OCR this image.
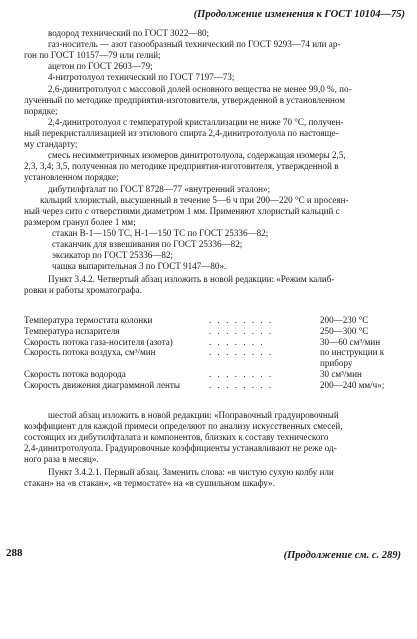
(Продолжение изменения к ГОСТ 10104—75)
водород технический по ГОСТ 3022—80;
газ-носитель — азот газообразный технический по ГОСТ 9293—74 или ар-
гон по ГОСТ 10157—79 или гелий;
ацетон по ГОСТ 2603—79;
4-нитротолуол технический по ГОСТ 7197—73;
2,6-динитротолуол с массовой долей основного вещества не менее 99,0 %, по-
лученный по методике предприятия-изготовителя, утвержденной в установленном
порядке;
2,4-динитротолуол с температурой кристаллизации не ниже 70 °С, получен-
ный перекристаллизацией из этилового спирта 2,4-динитротолуола по настояще-
му стандарту;
смесь несимметричных изомеров динитротолуола, содержащая изомеры 2,5,
2,3, 3,4; 3,5, полученная по методике предприятия-изготовителя, утвержденной в
установленном порядке;
дибутилфталат по ГОСТ 8728—77 «внутренний эталон»;
кальций хлористый, высушенный в течение 5—6 ч при 200—220 °С и просеян-
ный через сито с отверстиями диаметром 1 мм. Применяют хлористый кальций с
размером гранул более 1 мм;
стакан В-1—150 ТС, Н-1—150 ТС по ГОСТ 25336—82;
стаканчик для взвешивания по ГОСТ 25336—82;
эксикатор по ГОСТ 25336—82;
чашка выпарительная 3 по ГОСТ 9147—80».
Пункт 3.4.2. Четвертый абзац изложить в новой редакции: «Режим калиб-
ровки и работы хроматографа.
Температура термостата колонки	. . . . . . . .	200—230 °С
Температура испарителя	. . . . . . . .	250—300 °С
Скорость потока газа-носителя (азота)	. . . . . . .	30—60 см³/мин
Скорость потока воздуха, см³/мин	. . . . . . . .	по инструкции к
прибору
Скорость потока водорода	. . . . . . . .	30 см³/мин
Скорость движения диаграммной ленты	. . . . . . . .	200—240 мм/ч»;
шестой абзац изложить в новой редакции: «Поправочный градуировочный
коэффициент для каждой примеси определяют по анализу искусственных смесей,
состоящих из дибутилфталата и компонентов, близких к составу технического
2,4-динитротолуола. Градуировочные коэффициенты устанавливают не реже од-
ного раза в месяц».
Пункт 3.4.2.1. Первый абзац. Заменить слова: «в чистую сухую колбу или
стакан» на «в стакан», «в термостате» на «в сушильном шкафу».
288	(Продолжение см. с. 289)
